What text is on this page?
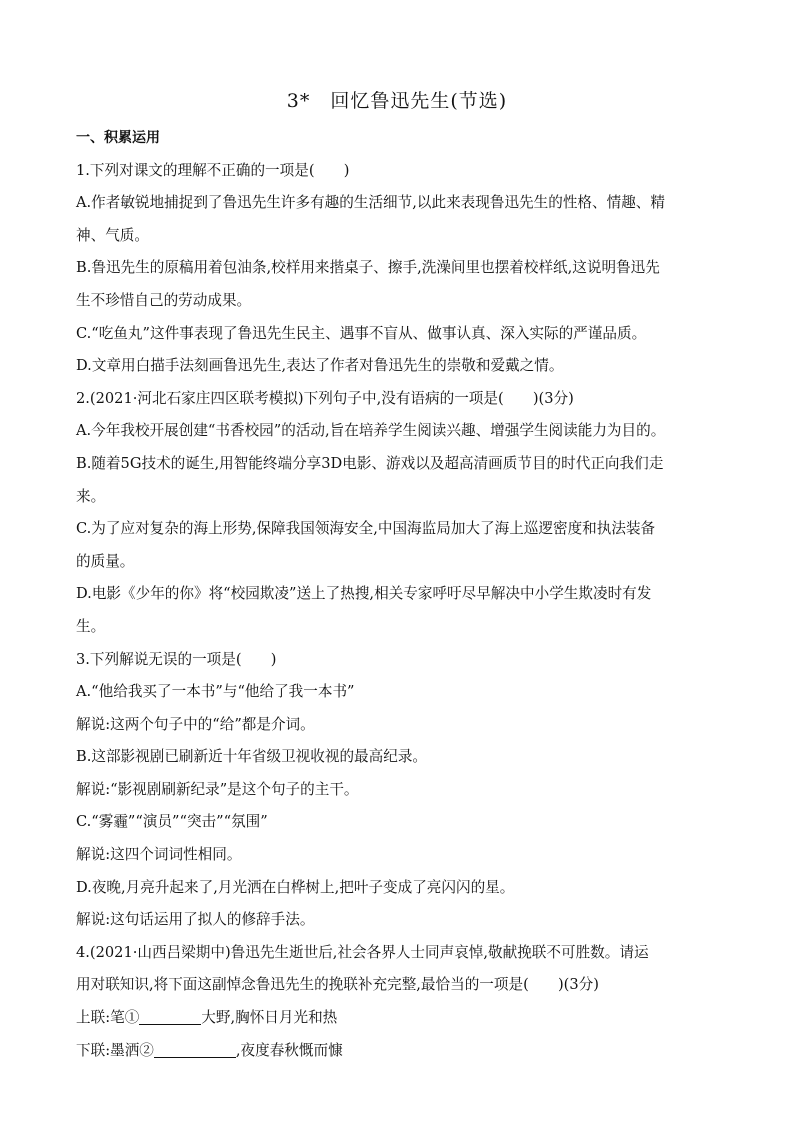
3*　回忆鲁迅先生(节选)
一、积累运用
1.下列对课文的理解不正确的一项是(　　)
A.作者敏锐地捕捉到了鲁迅先生许多有趣的生活细节,以此来表现鲁迅先生的性格、情趣、精
神、气质。
B.鲁迅先生的原稿用着包油条,校样用来揩桌子、擦手,洗澡间里也摆着校样纸,这说明鲁迅先
生不珍惜自己的劳动成果。
C.“吃鱼丸”这件事表现了鲁迅先生民主、遇事不盲从、做事认真、深入实际的严谨品质。
D.文章用白描手法刻画鲁迅先生,表达了作者对鲁迅先生的崇敬和爱戴之情。
2.(2021·河北石家庄四区联考模拟)下列句子中,没有语病的一项是(　　)(3分)
A.今年我校开展创建“书香校园”的活动,旨在培养学生阅读兴趣、增强学生阅读能力为目的。
B.随着5G技术的诞生,用智能终端分享3D电影、游戏以及超高清画质节目的时代正向我们走
来。
C.为了应对复杂的海上形势,保障我国领海安全,中国海监局加大了海上巡逻密度和执法装备
的质量。
D.电影《少年的你》将“校园欺凌”送上了热搜,相关专家呼吁尽早解决中小学生欺凌时有发
生。
3.下列解说无误的一项是(　　)
A.“他给我买了一本书”与“他给了我一本书”
解说:这两个句子中的“给”都是介词。
B.这部影视剧已刷新近十年省级卫视收视的最高纪录。
解说:“影视剧刷新纪录”是这个句子的主干。
C.“雾霾”“演员”“突击”“氛围”
解说:这四个词词性相同。
D.夜晚,月亮升起来了,月光洒在白桦树上,把叶子变成了亮闪闪的星。
解说:这句话运用了拟人的修辞手法。
4.(2021·山西吕梁期中)鲁迅先生逝世后,社会各界人士同声哀悼,敬献挽联不可胜数。请运
用对联知识,将下面这副悼念鲁迅先生的挽联补充完整,最恰当的一项是(　　)(3分)
上联:笔①	大野,胸怀日月光和热
下联:墨洒②	,夜度春秋慨而慷
